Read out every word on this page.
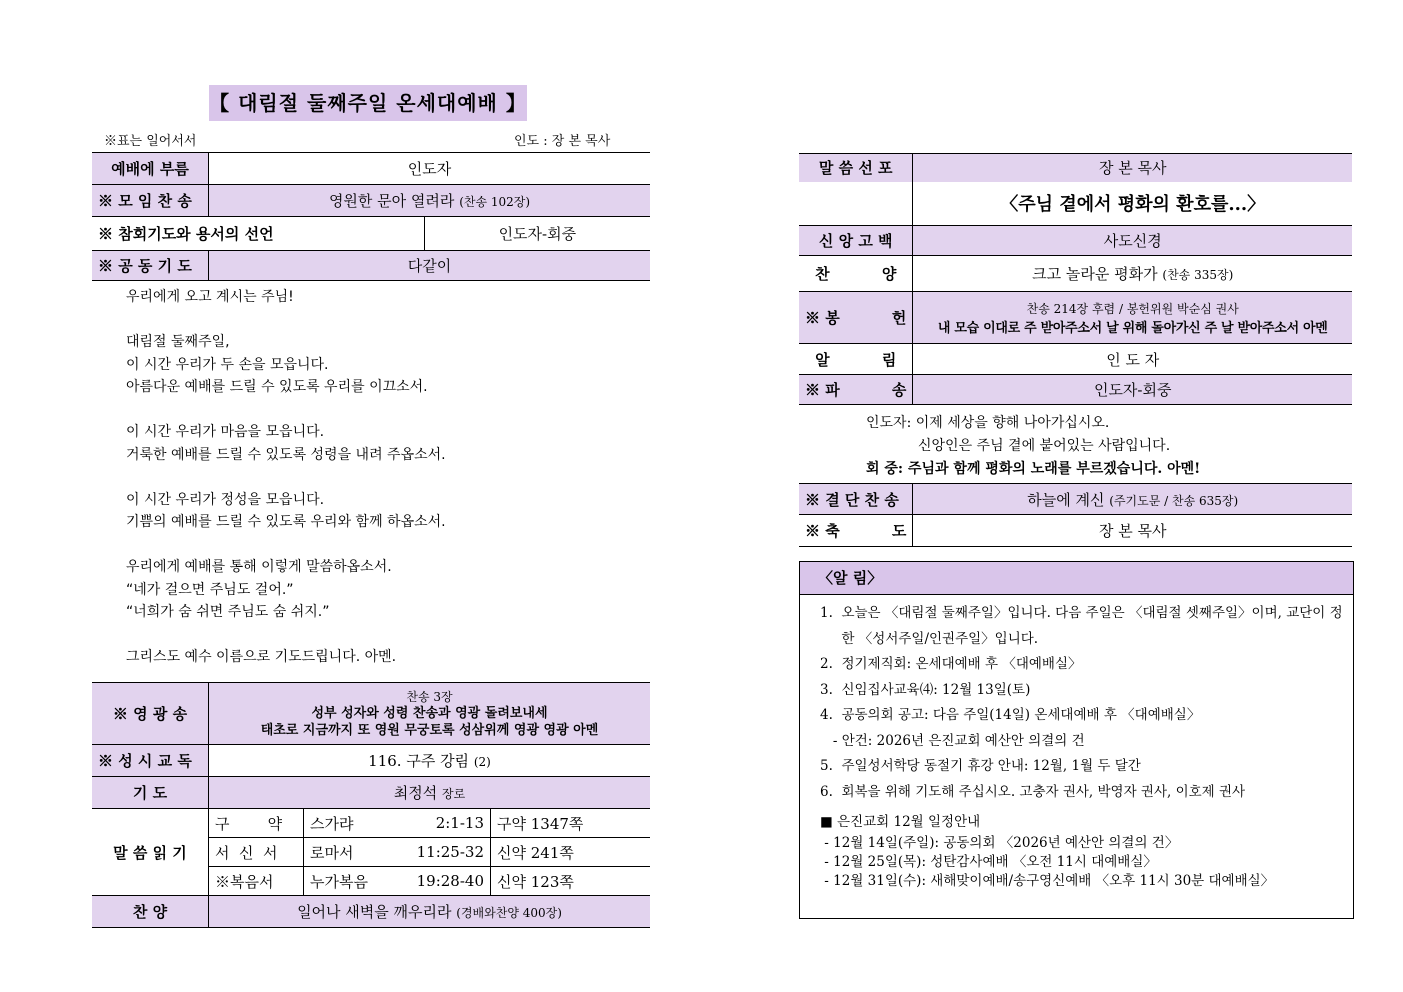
【 대림절 둘째주일 온세대예배 】
※표는 일어서서	인도 : 장 본 목사
예배에 부름	인도자	
※ 모 임 찬 송	영원한 문아 열려라 (찬송 102장)	
※ 참회기도와 용서의 선언		인도자-회중
※ 공 동 기 도	다같이	
우리에게 오고 계시는 주님!

대림절 둘째주일,
이 시간 우리가 두 손을 모읍니다.
아름다운 예배를 드릴 수 있도록 우리를 이끄소서.

이 시간 우리가 마음을 모읍니다.
거룩한 예배를 드릴 수 있도록 성령을 내려 주옵소서.

이 시간 우리가 정성을 모읍니다.
기쁨의 예배를 드릴 수 있도록 우리와 함께 하옵소서.

우리에게 예배를 통해 이렇게 말씀하옵소서.
“네가 걸으면 주님도 걸어.”
“너희가 숨 쉬면 주님도 숨 쉬지.”

그리스도 예수 이름으로 기도드립니다. 아멘.
※ 영 광 송	찬송 3장
성부 성자와 성령 찬송과 영광 돌려보내세
태초로 지금까지 또 영원 무궁토록 성삼위께 영광 영광 아멘			

※ 성 시 교 독	116. 구주 강림 (2)			
기 도	최정석 장로			
말 씀 읽 기	구        약	스가랴	2:1-13	구약 1347쪽
	서  신  서	로마서	11:25-32	신약 241쪽
	※복음서	누가복음	19:28-40	신약 123쪽
찬 양	일어나 새벽을 깨우리라 (경배와찬양 400장)			
말 씀 선 포	장 본 목사
	〈주님 곁에서 평화의 환호를...〉
신 앙 고 백	사도신경
찬          양	크고 놀라운 평화가 (찬송 335장)
※ 봉          헌	찬송 214장 후렴 / 봉헌위원 박순심 권사
내 모습 이대로 주 받아주소서 날 위해 돌아가신 주 날 받아주소서 아멘

알          림	인 도 자
※ 파          송	인도자-회중
인도자: 이제 세상을 향해 나아가십시오.
신앙인은 주님 곁에 붙어있는 사람입니다.
회 중: 주님과 함께 평화의 노래를 부르겠습니다. 아멘!
※ 결 단 찬 송	하늘에 계신 (주기도문 / 찬송 635장)
※ 축          도	장 본 목사
〈알 림〉
1.  오늘은 〈대림절 둘째주일〉입니다. 다음 주일은 〈대림절 셋째주일〉이며, 교단이 정
한 〈성서주일/인권주일〉입니다.
2.  정기제직회: 온세대예배 후 〈대예배실〉
3.  신임집사교육⑷: 12월 13일(토)
4.  공동의회 공고: 다음 주일(14일) 온세대예배 후 〈대예배실〉
- 안건: 2026년 은진교회 예산안 의결의 건
5.  주일성서학당 동절기 휴강 안내: 12월, 1월 두 달간
6.  회복을 위해 기도해 주십시오. 고충자 권사, 박영자 권사, 이호제 권사
■ 은진교회 12월 일정안내
- 12월 14일(주일): 공동의회 〈2026년 예산안 의결의 건〉
- 12월 25일(목): 성탄감사예배 〈오전 11시 대예배실〉
- 12월 31일(수): 새해맞이예배/송구영신예배 〈오후 11시 30분 대예배실〉
